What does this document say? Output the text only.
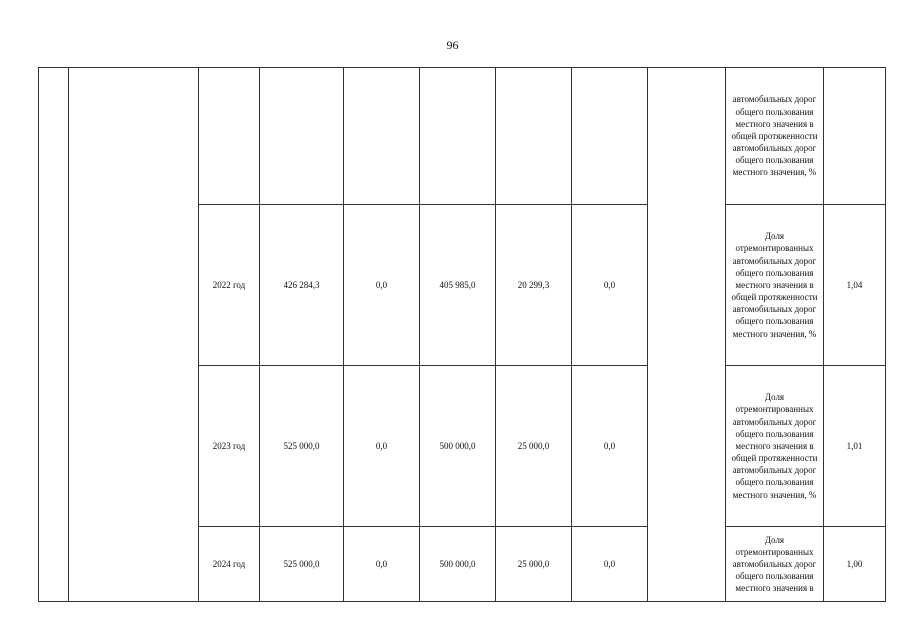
96
									автомобильных дорог общего пользования местного значения в общей протяженности автомобильных дорог общего пользования местного значения, %	
		2022 год	426 284,3	0,0	405 985,0	20 299,3	0,0		Доля отремонтированных автомобильных дорог общего пользования местного значения в общей протяженности автомобильных дорог общего пользования местного значения, %	1,04
		2023 год	525 000,0	0,0	500 000,0	25 000,0	0,0		Доля отремонтированных автомобильных дорог общего пользования местного значения в общей протяженности автомобильных дорог общего пользования местного значения, %	1,01
		2024 год	525 000,0	0,0	500 000,0	25 000,0	0,0		Доля отремонтированных автомобильных дорог общего пользования местного значения в	1,00
